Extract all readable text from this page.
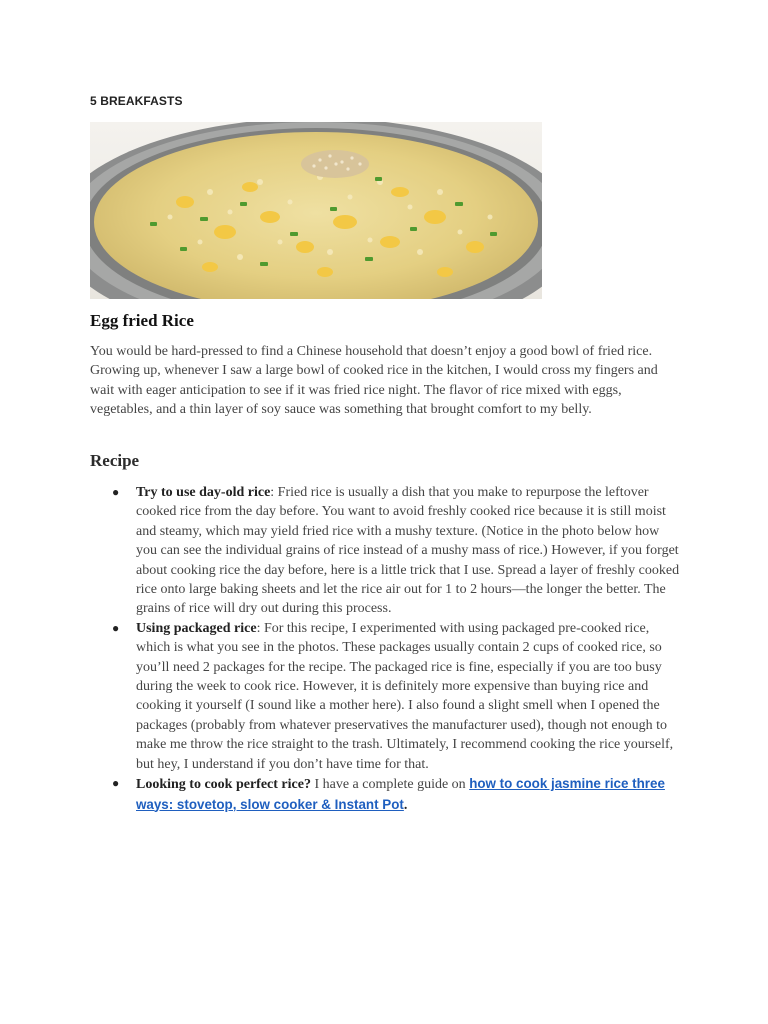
5 BREAKFASTS
Egg fried Rice

You would be hard-pressed to find a Chinese household that doesn’t enjoy a good bowl of fried rice. Growing up, whenever I saw a large bowl of cooked rice in the kitchen, I would cross my fingers and wait with eager anticipation to see if it was fried rice night. The flavor of rice mixed with eggs, vegetables, and a thin layer of soy sauce was something that brought comfort to my belly.

Recipe
● Try to use day-old rice: Fried rice is usually a dish that you make to repurpose the leftover cooked rice from the day before. You want to avoid freshly cooked rice because it is still moist and steamy, which may yield fried rice with a mushy texture. (Notice in the photo below how you can see the individual grains of rice instead of a mushy mass of rice.) However, if you forget about cooking rice the day before, here is a little trick that I use. Spread a layer of freshly cooked rice onto large baking sheets and let the rice air out for 1 to 2 hours—the longer the better. The grains of rice will dry out during this process.
● Using packaged rice: For this recipe, I experimented with using packaged pre-cooked rice, which is what you see in the photos. These packages usually contain 2 cups of cooked rice, so you’ll need 2 packages for the recipe. The packaged rice is fine, especially if you are too busy during the week to cook rice. However, it is definitely more expensive than buying rice and cooking it yourself (I sound like a mother here). I also found a slight smell when I opened the packages (probably from whatever preservatives the manufacturer used), though not enough to make me throw the rice straight to the trash. Ultimately, I recommend cooking the rice yourself, but hey, I understand if you don’t have time for that.
● Looking to cook perfect rice? I have a complete guide on how to cook jasmine rice three ways: stovetop, slow cooker & Instant Pot.
